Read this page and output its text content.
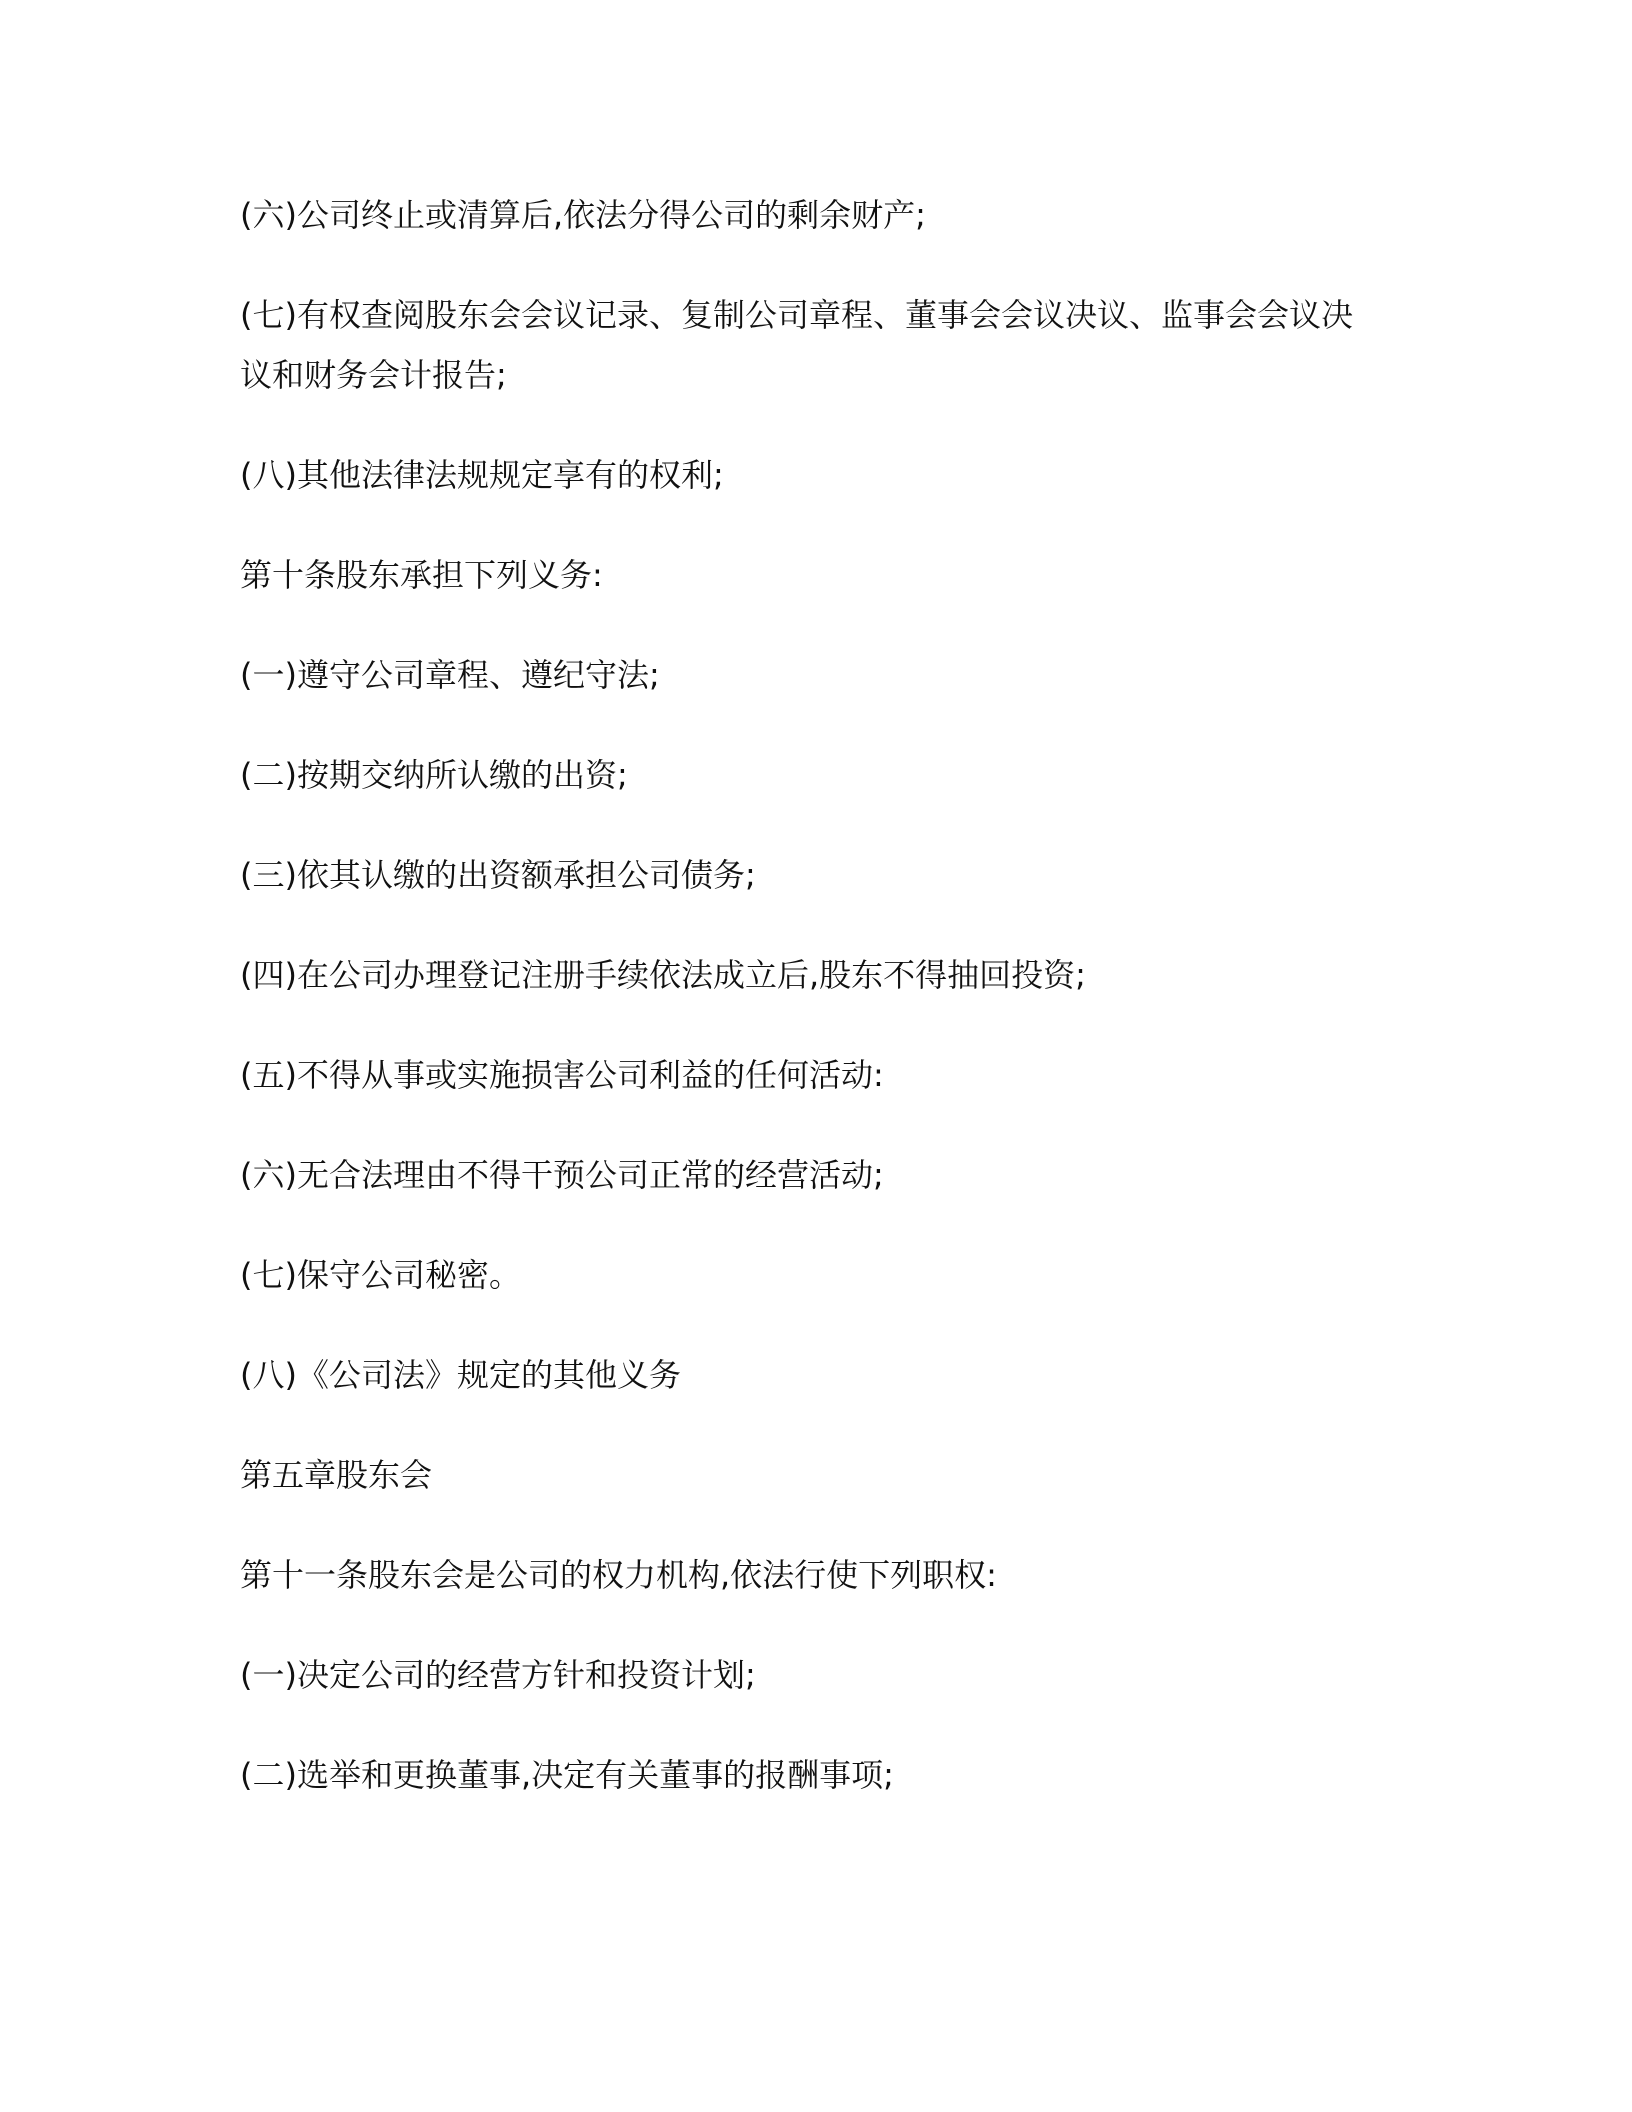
(六)公司终止或清算后,依法分得公司的剩余财产;

(七)有权查阅股东会会议记录、复制公司章程、董事会会议决议、监事会会议决议和财务会计报告;

(八)其他法律法规规定享有的权利;

第十条股东承担下列义务:

(一)遵守公司章程、遵纪守法;

(二)按期交纳所认缴的出资;

(三)依其认缴的出资额承担公司债务;

(四)在公司办理登记注册手续依法成立后,股东不得抽回投资;

(五)不得从事或实施损害公司利益的任何活动:

(六)无合法理由不得干预公司正常的经营活动;

(七)保守公司秘密。

(八)《公司法》规定的其他义务

第五章股东会

第十一条股东会是公司的权力机构,依法行使下列职权:

(一)决定公司的经营方针和投资计划;

(二)选举和更换董事,决定有关董事的报酬事项;
